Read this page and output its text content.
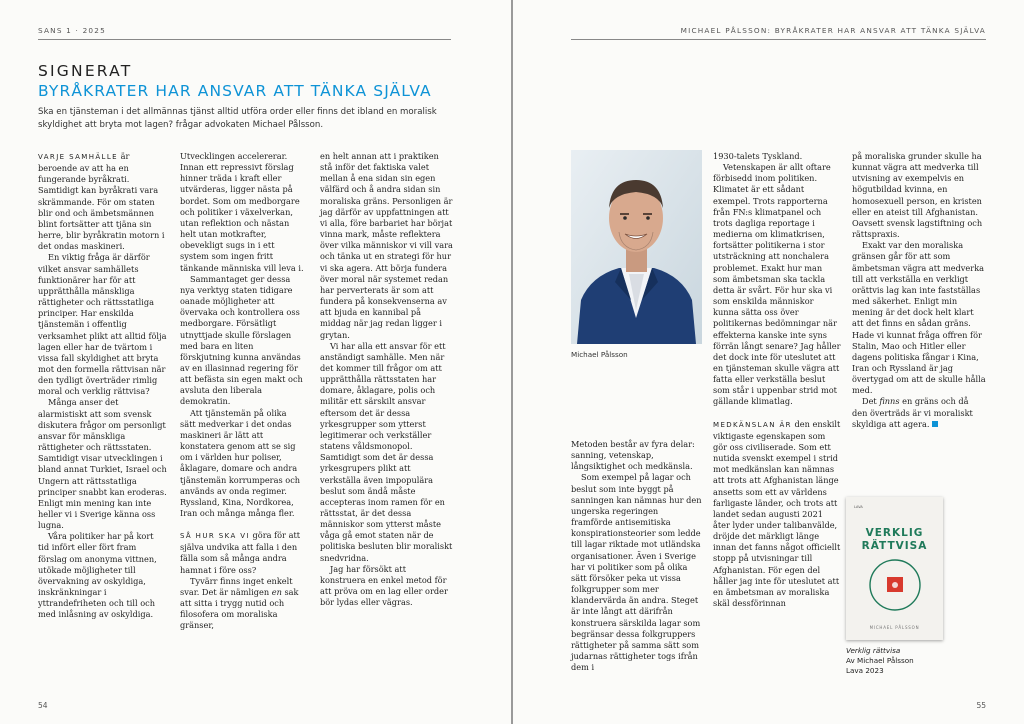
SANS 1 · 2025
SIGNERAT
BYRÅKRATER HAR ANSVAR ATT TÄNKA SJÄLVA
Ska en tjänsteman i det allmännas tjänst alltid utföra order eller finns det ibland en moralisk skyldighet att bryta mot lagen? frågar advokaten Michael Pålsson.

VARJE SAMHÄLLE är beroende av att ha en fungerande byråkrati. Samtidigt kan byråkrati vara skrämmande. För om staten blir ond och ämbetsmännen blint fortsätter att tjäna sin herre, blir byråkratin motorn i det ondas maskineri.

En viktig fråga är därför vilket ansvar samhällets funktionärer har för att upprätthålla mänskliga rättigheter och rättsstatliga principer. Har enskilda tjänstemän i offentlig verksamhet plikt att alltid följa lagen eller har de tvärtom i vissa fall skyldighet att bryta mot den formella rättvisan när den tydligt överträder rimlig moral och verklig rättvisa?

Många anser det alarmistiskt att som svensk diskutera frågor om personligt ansvar för mänskliga rättigheter och rättsstaten. Samtidigt visar utvecklingen i bland annat Turkiet, Israel och Ungern att rättsstatliga principer snabbt kan eroderas. Enligt min mening kan inte heller vi i Sverige känna oss lugna.

Våra politiker har på kort tid infört eller fört fram förslag om anonyma vittnen, utökade möjligheter till övervakning av oskyldiga, inskränkningar i yttrandefriheten och till och med inlåsning av oskyldiga.

Utvecklingen accelererar. Innan ett repressivt förslag hinner träda i kraft eller utvärderas, ligger nästa på bordet. Som om medborgare och politiker i växelverkan, utan reflektion och nästan helt utan motkrafter, obevekligt sugs in i ett system som ingen fritt tänkande människa vill leva i.

Sammantaget ger dessa nya verktyg staten tidigare oanade möjligheter att övervaka och kontrollera oss medborgare. Försätligt utnyttjade skulle förslagen med bara en liten förskjutning kunna användas av en illasinnad regering för att befästa sin egen makt och avsluta den liberala demokratin.

Att tjänstemän på olika sätt medverkar i det ondas maskineri är lätt att konstatera genom att se sig om i världen hur poliser, åklagare, domare och andra tjänstemän korrumperas och används av onda regimer. Ryssland, Kina, Nordkorea, Iran och många många fler.

SÅ HUR SKA VI göra för att själva undvika att falla i den fälla som så många andra hamnat i före oss?

Tyvärr finns inget enkelt svar. Det är nämligen en sak att sitta i trygg nutid och filosofera om moraliska gränser,

en helt annan att i praktiken stå inför det faktiska valet mellan å ena sidan sin egen välfärd och å andra sidan sin moraliska gräns. Personligen är jag därför av uppfattningen att vi alla, före barbariet har börjat vinna mark, måste reflektera över vilka människor vi vill vara och tänka ut en strategi för hur vi ska agera. Att börja fundera över moral när systemet redan har perverterats är som att fundera på konsekvenserna av att bjuda en kannibal på middag när jag redan ligger i grytan.

Vi har alla ett ansvar för ett anständigt samhälle. Men när det kommer till frågor om att upprätthålla rättsstaten har domare, åklagare, polis och militär ett särskilt ansvar eftersom det är dessa yrkesgrupper som ytterst legitimerar och verkställer statens våldsmonopol. Samtidigt som det är dessa yrkesgrupers plikt att verkställa även impopulära beslut som ändå måste accepteras inom ramen för en rättsstat, är det dessa människor som ytterst måste våga gå emot staten när de politiska besluten blir moraliskt snedvridna.

Jag har försökt att konstruera en enkel metod för att pröva om en lag eller order bör lydas eller vägras.

54
MICHAEL PÅLSSON: BYRÅKRATER HAR ANSVAR ATT TÄNKA SJÄLVA
Michael Pålsson

Metoden består av fyra delar: sanning, vetenskap, långsiktighet och medkänsla.

Som exempel på lagar och beslut som inte byggt på sanningen kan nämnas hur den ungerska regeringen framförde antisemitiska konspirationsteorier som ledde till lagar riktade mot utländska organisationer. Även i Sverige har vi politiker som på olika sätt försöker peka ut vissa folkgrupper som mer klandervärda än andra. Steget är inte långt att därifrån konstruera särskilda lagar som begränsar dessa folkgruppers rättigheter på samma sätt som judarnas rättigheter togs ifrån dem i

1930-talets Tyskland.

Vetenskapen är allt oftare förbisedd inom politiken. Klimatet är ett sådant exempel. Trots rapporterna från FN:s klimatpanel och trots dagliga reportage i medierna om klimatkrisen, fortsätter politikerna i stor utsträckning att nonchalera problemet. Exakt hur man som ämbetsman ska tackla detta är svårt. För hur ska vi som enskilda människor kunna sätta oss över politikernas bedömningar när effekterna kanske inte syns förrän långt senare? Jag håller det dock inte för uteslutet att en tjänsteman skulle vägra att fatta eller verkställa beslut som står i uppenbar strid mot gällande klimatlag.

MEDKÄNSLAN ÄR den enskilt viktigaste egenskapen som gör oss civiliserade. Som ett nutida svenskt exempel i strid mot medkänslan kan nämnas att trots att Afghanistan länge ansetts som ett av världens farligaste länder, och trots att landet sedan augusti 2021 åter lyder under talibanvälde, dröjde det märkligt länge innan det fanns något officiellt stopp på utvisningar till Afghanistan. För egen del håller jag inte för uteslutet att en ämbetsman av moraliska skäl dessförinnan

på moraliska grunder skulle ha kunnat vägra att medverka till utvisning av exempelvis en högutbildad kvinna, en homosexuell person, en kristen eller en ateist till Afghanistan. Oavsett svensk lagstiftning och rättspraxis.

Exakt var den moraliska gränsen går för att som ämbetsman vägra att medverka till att verkställa en verkligt orättvis lag kan inte fastställas med säkerhet. Enligt min mening är det dock helt klart att det finns en sådan gräns. Hade vi kunnat fråga offren för Stalin, Mao och Hitler eller dagens politiska fångar i Kina, Iran och Ryssland är jag övertygad om att de skulle hålla med.

Det finns en gräns och då den överträds är vi moraliskt skyldiga att agera.

LAVA
VERKLIG
RÄTTVISA
MICHAEL PÅLSSON
Verklig rättvisa
Av Michael Pålsson
Lava 2023
55
